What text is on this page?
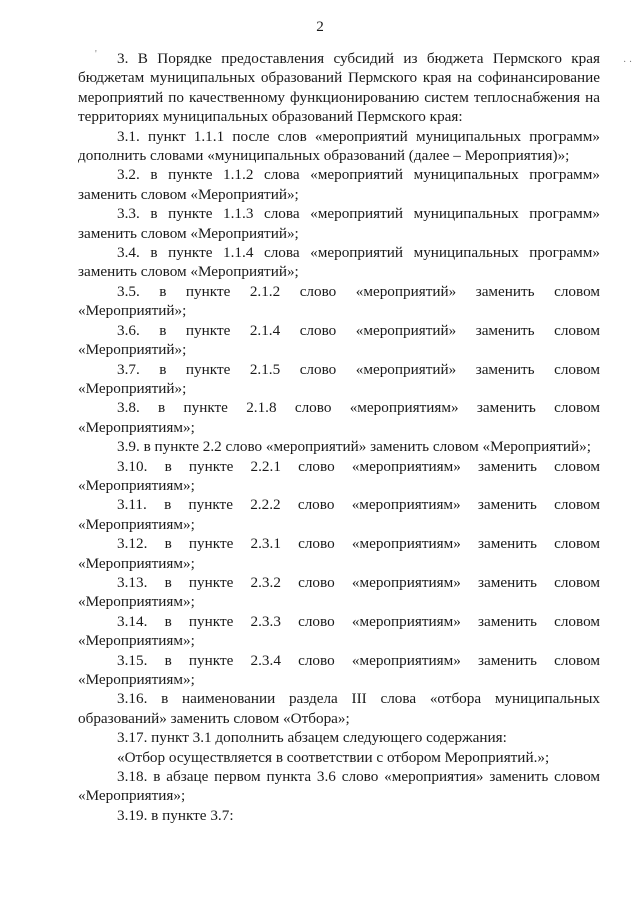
2
'
· ·

3. В Порядке предоставления субсидий из бюджета Пермского края бюджетам муниципальных образований Пермского края на софинансирование мероприятий по качественному функционированию систем теплоснабжения на территориях муниципальных образований Пермского края:

3.1. пункт 1.1.1 после слов «мероприятий муниципальных программ» дополнить словами «муниципальных образований (далее – Мероприятия)»;

3.2. в пункте 1.1.2 слова «мероприятий муниципальных программ» заменить словом «Мероприятий»;

3.3. в пункте 1.1.3 слова «мероприятий муниципальных программ» заменить словом «Мероприятий»;

3.4. в пункте 1.1.4 слова «мероприятий муниципальных программ» заменить словом «Мероприятий»;

3.5. в пункте 2.1.2 слово «мероприятий» заменить словом «Мероприятий»;

3.6. в пункте 2.1.4 слово «мероприятий» заменить словом «Мероприятий»;

3.7. в пункте 2.1.5 слово «мероприятий» заменить словом «Мероприятий»;

3.8. в пункте 2.1.8 слово «мероприятиям» заменить словом «Мероприятиям»;

3.9. в пункте 2.2 слово «мероприятий» заменить словом «Мероприятий»;

3.10. в пункте 2.2.1 слово «мероприятиям» заменить словом «Мероприятиям»;

3.11. в пункте 2.2.2 слово «мероприятиям» заменить словом «Мероприятиям»;

3.12. в пункте 2.3.1 слово «мероприятиям» заменить словом «Мероприятиям»;

3.13. в пункте 2.3.2 слово «мероприятиям» заменить словом «Мероприятиям»;

3.14. в пункте 2.3.3 слово «мероприятиям» заменить словом «Мероприятиям»;

3.15. в пункте 2.3.4 слово «мероприятиям» заменить словом «Мероприятиям»;

3.16. в наименовании раздела III слова «отбора муниципальных образований» заменить словом «Отбора»;

3.17. пункт 3.1 дополнить абзацем следующего содержания:

«Отбор осуществляется в соответствии с отбором Мероприятий.»;

3.18. в абзаце первом пункта 3.6 слово «мероприятия» заменить словом «Мероприятия»;

3.19. в пункте 3.7:
